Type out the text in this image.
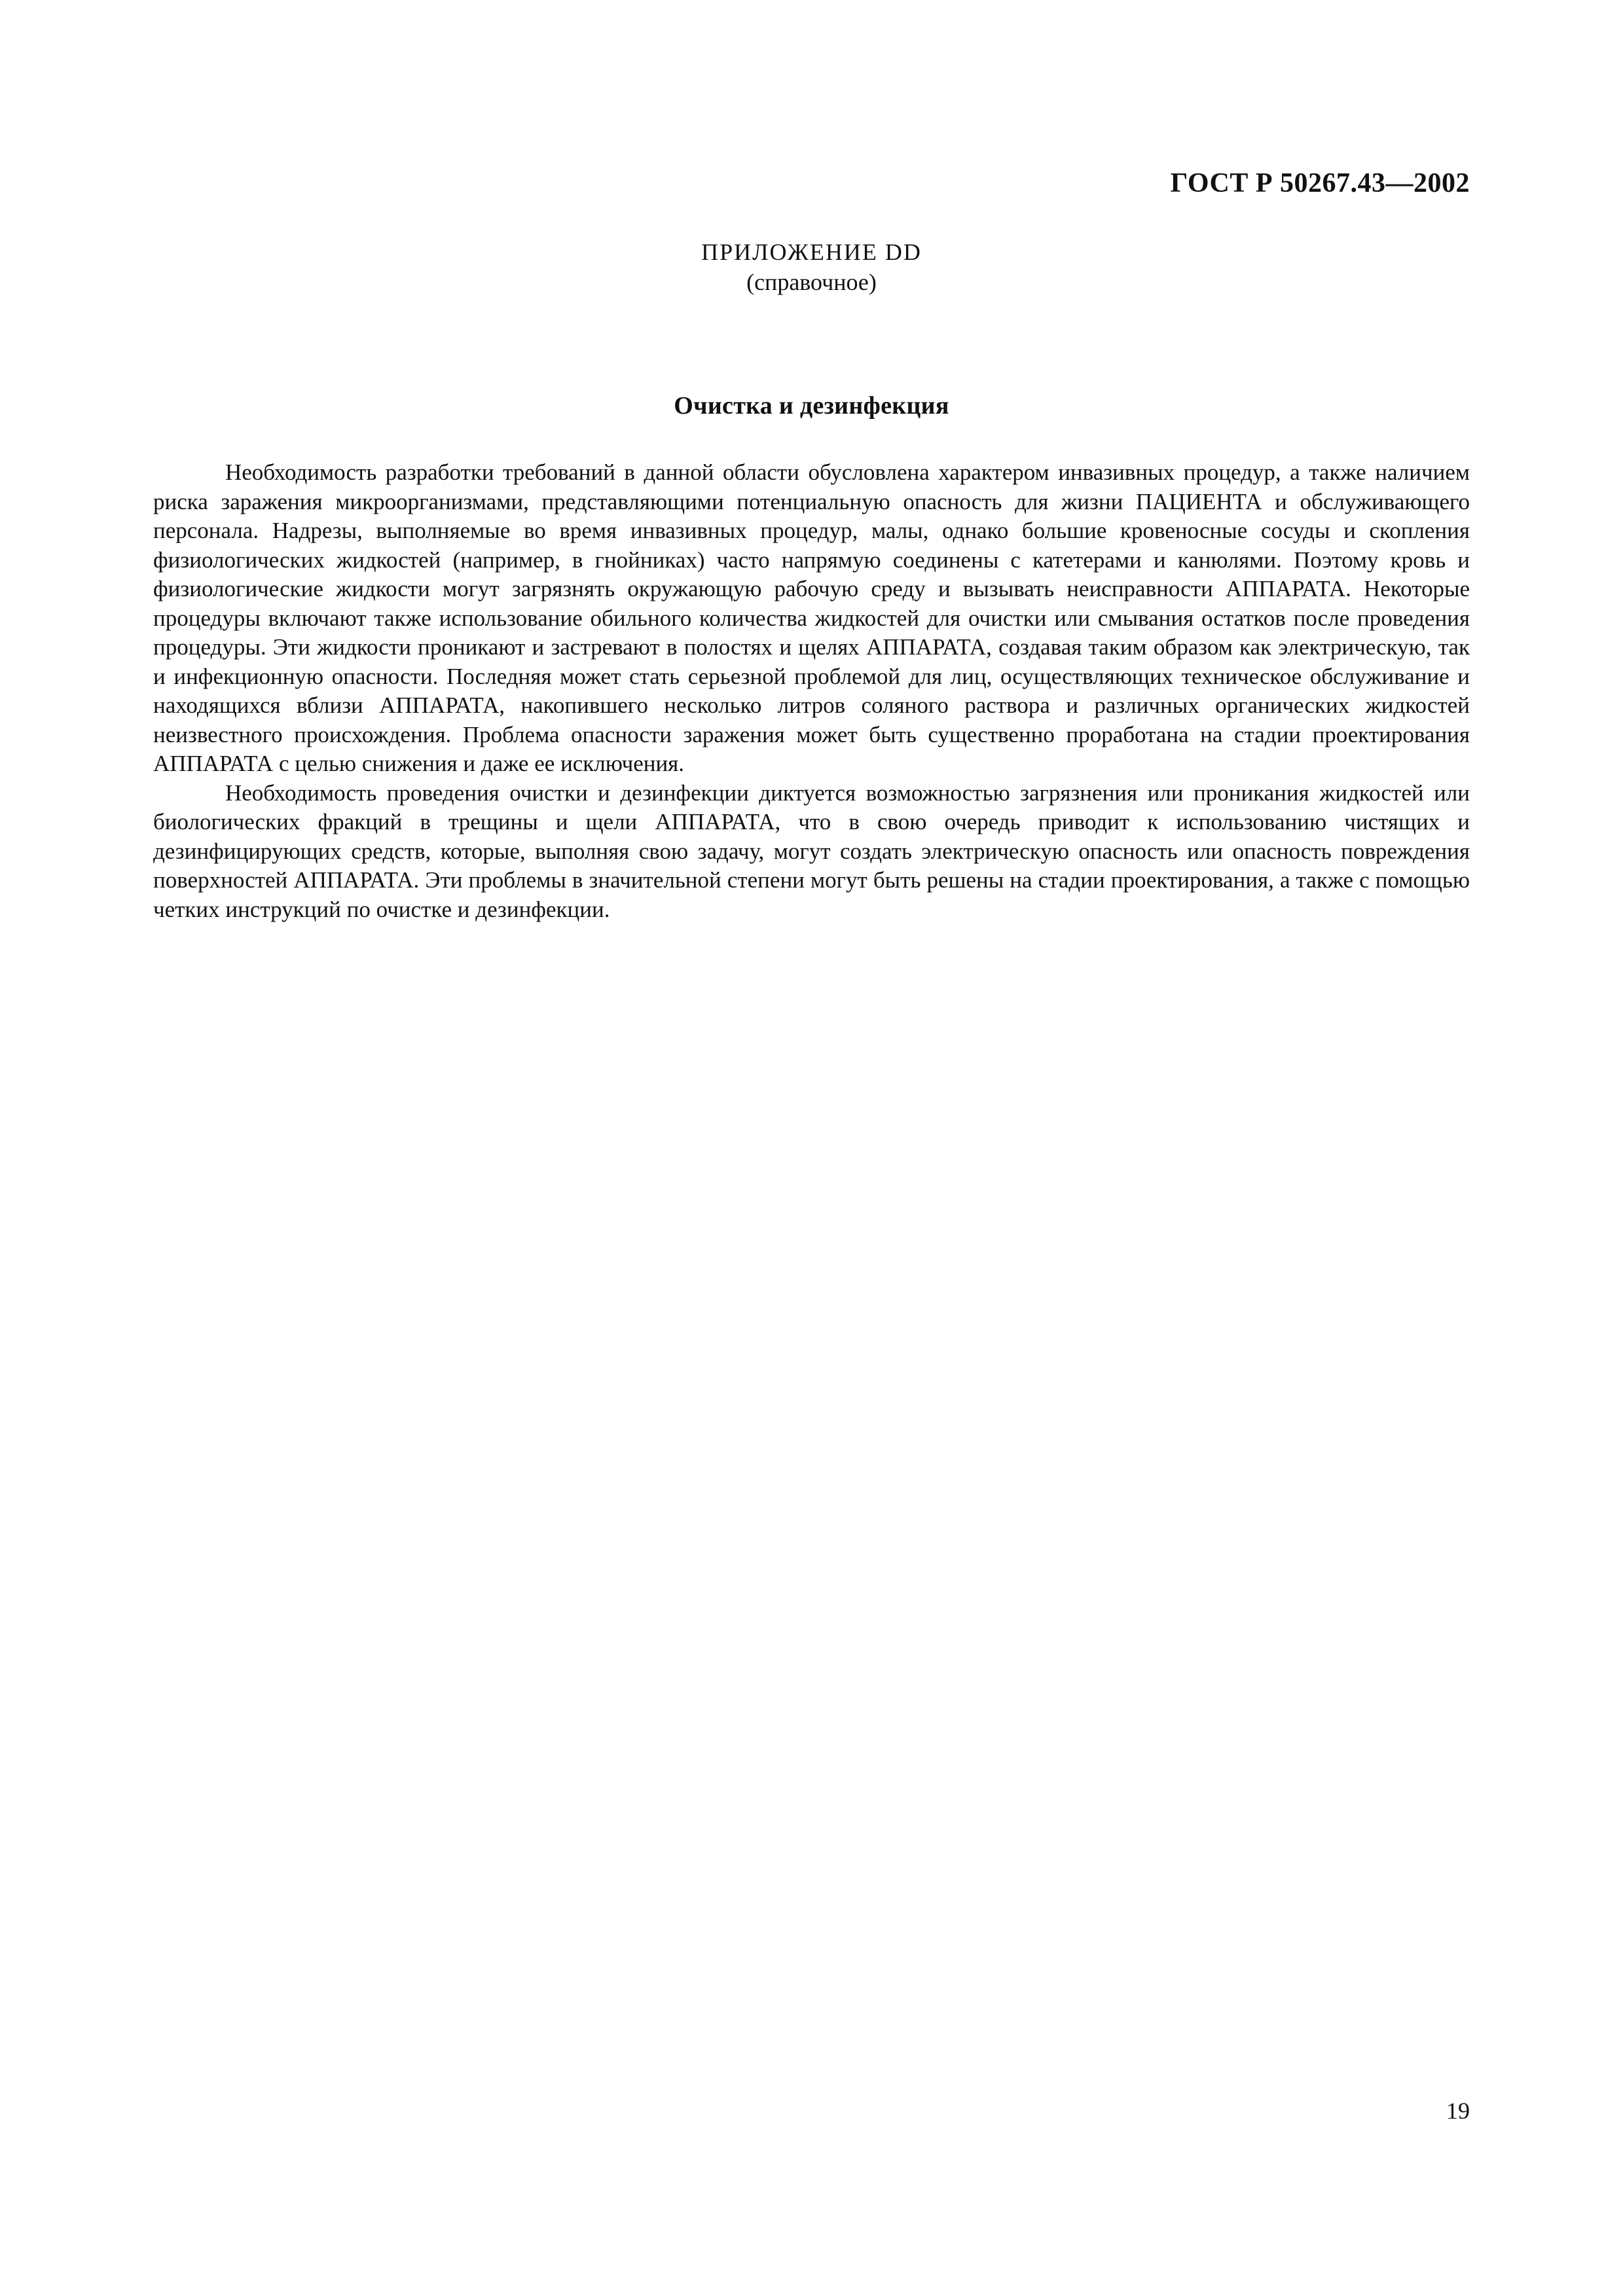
ГОСТ Р 50267.43—2002
ПРИЛОЖЕНИЕ DD
(справочное)
Очистка и дезинфекция

Необходимость разработки требований в данной области обусловлена характером инвазивных процедур, а также наличием риска заражения микроорганизмами, представляющими потенциальную опасность для жизни ПАЦИЕНТА и обслуживающего персонала. Надрезы, выполняемые во время инвазивных процедур, малы, однако большие кровеносные сосуды и скопления физиологических жидкостей (например, в гнойниках) часто напрямую соединены с катетерами и канюлями. Поэтому кровь и физиологические жидкости могут загрязнять окружающую рабочую среду и вызывать неисправности АППАРАТА. Некоторые процедуры включают также использование обильного количества жидкостей для очистки или смывания остатков после проведения процедуры. Эти жидкости проникают и застревают в полостях и щелях АППАРАТА, создавая таким образом как электрическую, так и инфекционную опасности. Последняя может стать серьезной проблемой для лиц, осуществляющих техническое обслуживание и находящихся вблизи АППАРАТА, накопившего несколько литров соляного раствора и различных органических жидкостей неизвестного происхождения. Проблема опасности заражения может быть существенно проработана на стадии проектирования АППАРАТА с целью снижения и даже ее исключения.

Необходимость проведения очистки и дезинфекции диктуется возможностью загрязнения или проникания жидкостей или биологических фракций в трещины и щели АППАРАТА, что в свою очередь приводит к использованию чистящих и дезинфицирующих средств, которые, выполняя свою задачу, могут создать электрическую опасность или опасность повреждения поверхностей АППАРАТА. Эти проблемы в значительной степени могут быть решены на стадии проектирования, а также с помощью четких инструкций по очистке и дезинфекции.

19
